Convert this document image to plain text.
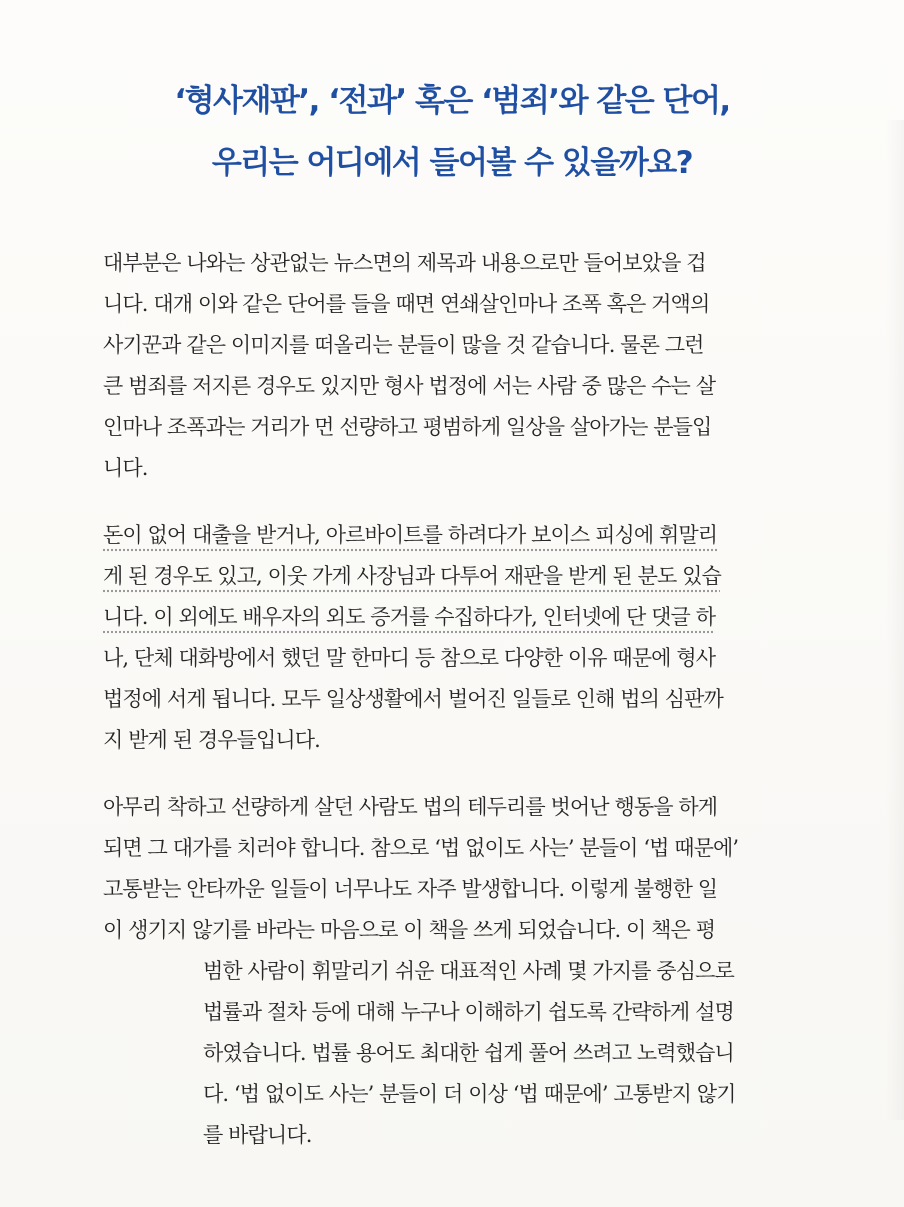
‘형사재판’, ‘전과’ 혹은 ‘범죄’와 같은 단어,
우리는 어디에서 들어볼 수 있을까요?
대부분은 나와는 상관없는 뉴스면의 제목과 내용으로만 들어보았을 겁
니다. 대개 이와 같은 단어를 들을 때면 연쇄살인마나 조폭 혹은 거액의
사기꾼과 같은 이미지를 떠올리는 분들이 많을 것 같습니다. 물론 그런
큰 범죄를 저지른 경우도 있지만 형사 법정에 서는 사람 중 많은 수는 살
인마나 조폭과는 거리가 먼 선량하고 평범하게 일상을 살아가는 분들입
니다.
돈이 없어 대출을 받거나, 아르바이트를 하려다가 보이스 피싱에 휘말리
게 된 경우도 있고, 이웃 가게 사장님과 다투어 재판을 받게 된 분도 있습
니다. 이 외에도 배우자의 외도 증거를 수집하다가, 인터넷에 단 댓글 하
나, 단체 대화방에서 했던 말 한마디 등 참으로 다양한 이유 때문에 형사
법정에 서게 됩니다. 모두 일상생활에서 벌어진 일들로 인해 법의 심판까
지 받게 된 경우들입니다.
아무리 착하고 선량하게 살던 사람도 법의 테두리를 벗어난 행동을 하게
되면 그 대가를 치러야 합니다. 참으로 ‘법 없이도 사는’ 분들이 ‘법 때문에’
고통받는 안타까운 일들이 너무나도 자주 발생합니다. 이렇게 불행한 일
이 생기지 않기를 바라는 마음으로 이 책을 쓰게 되었습니다. 이 책은 평
범한 사람이 휘말리기 쉬운 대표적인 사례 몇 가지를 중심으로
법률과 절차 등에 대해 누구나 이해하기 쉽도록 간략하게 설명
하였습니다. 법률 용어도 최대한 쉽게 풀어 쓰려고 노력했습니
다. ‘법 없이도 사는’ 분들이 더 이상 ‘법 때문에’ 고통받지 않기
를 바랍니다.
